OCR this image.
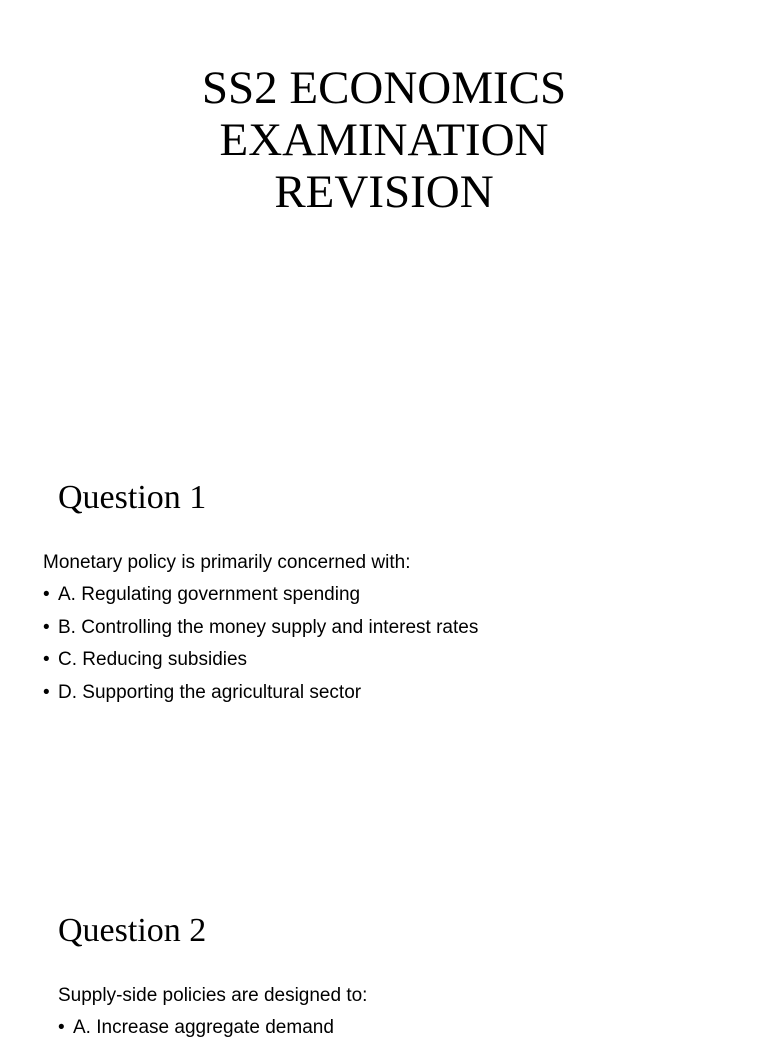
SS2 ECONOMICS
EXAMINATION
REVISION
Question 1

Monetary policy is primarily concerned with:

• A. Regulating government spending
• B. Controlling the money supply and interest rates
• C. Reducing subsidies
• D. Supporting the agricultural sector
Question 2

Supply-side policies are designed to:

• A. Increase aggregate demand
